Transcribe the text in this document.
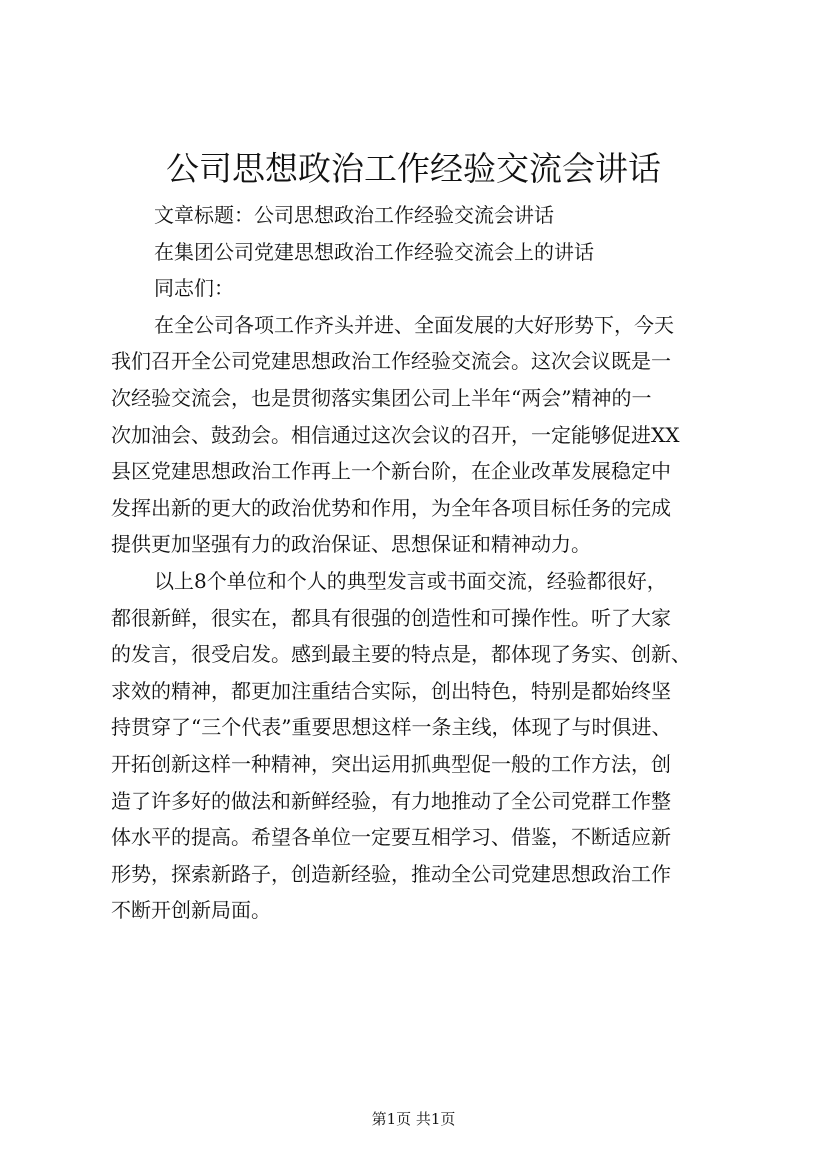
公司思想政治工作经验交流会讲话
文章标题：公司思想政治工作经验交流会讲话
在集团公司党建思想政治工作经验交流会上的讲话
同志们：
在全公司各项工作齐头并进、全面发展的大好形势下，今天
我们召开全公司党建思想政治工作经验交流会。这次会议既是一
次经验交流会，也是贯彻落实集团公司上半年“两会”精神的一
次加油会、鼓劲会。相信通过这次会议的召开，一定能够促进XX
县区党建思想政治工作再上一个新台阶，在企业改革发展稳定中
发挥出新的更大的政治优势和作用，为全年各项目标任务的完成
提供更加坚强有力的政治保证、思想保证和精神动力。
以上8个单位和个人的典型发言或书面交流，经验都很好，
都很新鲜，很实在，都具有很强的创造性和可操作性。听了大家
的发言，很受启发。感到最主要的特点是，都体现了务实、创新、
求效的精神，都更加注重结合实际，创出特色，特别是都始终坚
持贯穿了“三个代表”重要思想这样一条主线，体现了与时俱进、
开拓创新这样一种精神，突出运用抓典型促一般的工作方法，创
造了许多好的做法和新鲜经验，有力地推动了全公司党群工作整
体水平的提高。希望各单位一定要互相学习、借鉴，不断适应新
形势，探索新路子，创造新经验，推动全公司党建思想政治工作
不断开创新局面。
第1页 共1页
